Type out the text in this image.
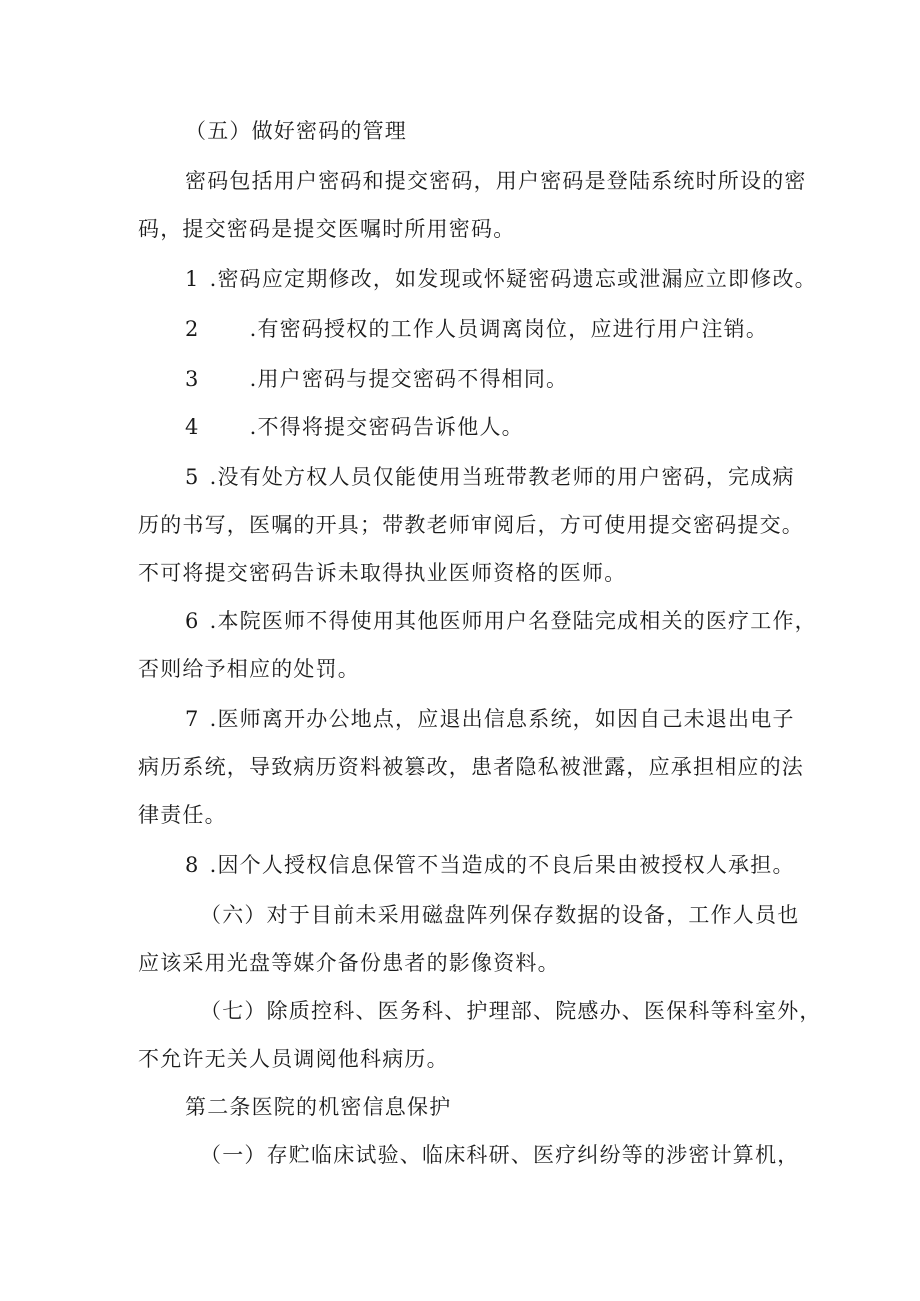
（五）做好密码的管理
密码包括用户密码和提交密码，用户密码是登陆系统时所设的密
码，提交密码是提交医嘱时所用密码。
1 .密码应定期修改，如发现或怀疑密码遗忘或泄漏应立即修改。
2 .有密码授权的工作人员调离岗位，应进行用户注销。
3 .用户密码与提交密码不得相同。
4 .不得将提交密码告诉他人。
5 .没有处方权人员仅能使用当班带教老师的用户密码，完成病
历的书写，医嘱的开具；带教老师审阅后，方可使用提交密码提交。
不可将提交密码告诉未取得执业医师资格的医师。
6 .本院医师不得使用其他医师用户名登陆完成相关的医疗工作，
否则给予相应的处罚。
7 .医师离开办公地点，应退出信息系统，如因自己未退出电子
病历系统，导致病历资料被篡改，患者隐私被泄露，应承担相应的法
律责任。
8 .因个人授权信息保管不当造成的不良后果由被授权人承担。
（六）对于目前未采用磁盘阵列保存数据的设备，工作人员也
应该采用光盘等媒介备份患者的影像资料。
（七）除质控科、医务科、护理部、院感办、医保科等科室外，
不允许无关人员调阅他科病历。
第二条医院的机密信息保护
（一）存贮临床试验、临床科研、医疗纠纷等的涉密计算机，
